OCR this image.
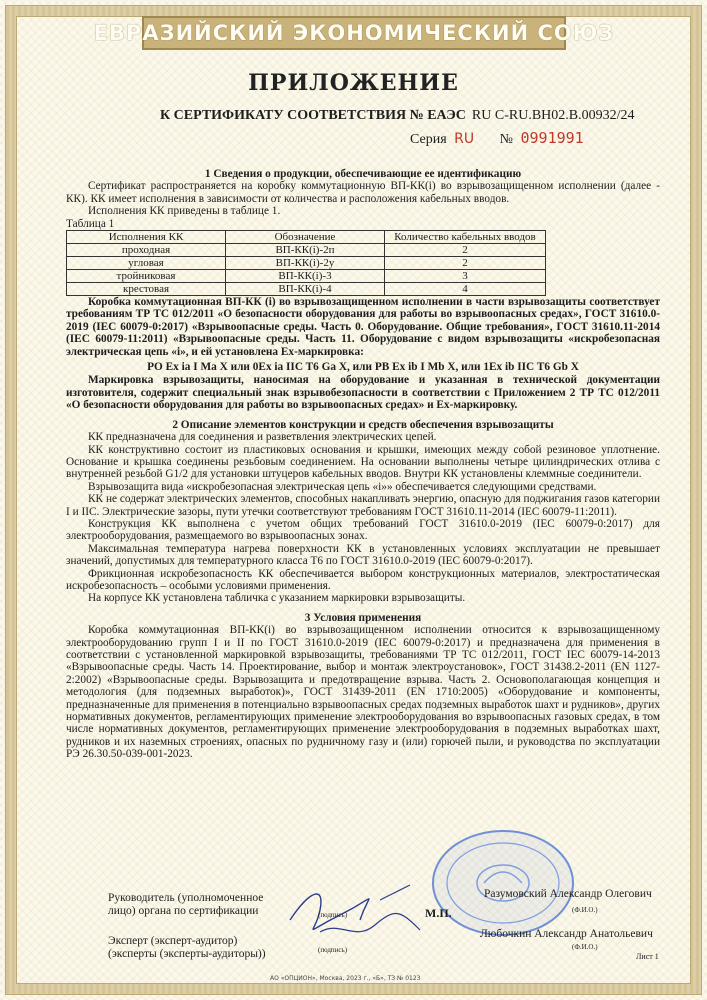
ЕВРАЗИЙСКИЙ ЭКОНОМИЧЕСКИЙ СОЮЗ
ПРИЛОЖЕНИЕ
К СЕРТИФИКАТУ СООТВЕТСТВИЯ № ЕАЭС RU C-RU.ВН02.В.00932/24
Серия RU № 0991991

1 Сведения о продукции, обеспечивающие ее идентификацию

Сертификат распространяется на коробку коммутационную ВП-КК(i) во взрывозащищенном исполнении (далее - КК). КК имеет исполнения в зависимости от количества и расположения кабельных вводов.

Исполнения КК приведены в таблице 1.

Таблица 1

Исполнения КК	Обозначение	Количество кабельных вводов
проходная	ВП-КК(i)-2п	2
угловая	ВП-КК(i)-2у	2
тройниковая	ВП-КК(i)-3	3
крестовая	ВП-КК(i)-4	4

Коробка коммутационная ВП-КК (i) во взрывозащищенном исполнении в части взрывозащиты соответствует требованиям ТР ТС 012/2011 «О безопасности оборудования для работы во взрывоопасных средах», ГОСТ 31610.0-2019 (IEC 60079-0:2017) «Взрывоопасные среды. Часть 0. Оборудование. Общие требования», ГОСТ 31610.11-2014 (IEC 60079-11:2011) «Взрывоопасные среды. Часть 11. Оборудование с видом взрывозащиты «искробезопасная электрическая цепь «i», и ей установлена Ex-маркировка:

PO Ex ia I Ma X или 0Ex ia IIC T6 Ga X, или PB Ex ib I Mb X, или 1Ex ib IIC T6 Gb X

Маркировка взрывозащиты, наносимая на оборудование и указанная в технической документации изготовителя, содержит специальный знак взрывобезопасности в соответствии с Приложением 2 ТР ТС 012/2011 «О безопасности оборудования для работы во взрывоопасных средах» и Ex-маркировку.

2 Описание элементов конструкции и средств обеспечения взрывозащиты

КК предназначена для соединения и разветвления электрических цепей.

КК конструктивно состоит из пластиковых основания и крышки, имеющих между собой резиновое уплотнение. Основание и крышка соединены резьбовым соединением. На основании выполнены четыре цилиндрических отлива с внутренней резьбой G1/2 для установки штуцеров кабельных вводов. Внутри КК установлены клеммные соединители.

Взрывозащита вида «искробезопасная электрическая цепь «i»» обеспечивается следующими средствами.

КК не содержат электрических элементов, способных накапливать энергию, опасную для поджигания газов категории I и IIC. Электрические зазоры, пути утечки соответствуют требованиям ГОСТ 31610.11-2014 (IEC 60079-11:2011).

Конструкция КК выполнена с учетом общих требований ГОСТ 31610.0-2019 (IEC 60079-0:2017) для электрооборудования, размещаемого во взрывоопасных зонах.

Максимальная температура нагрева поверхности КК в установленных условиях эксплуатации не превышает значений, допустимых для температурного класса Т6 по ГОСТ 31610.0-2019 (IEC 60079-0:2017).

Фрикционная искробезопасность КК обеспечивается выбором конструкционных материалов, электростатическая искробезопасность – особыми условиями применения.

На корпусе КК установлена табличка с указанием маркировки взрывозащиты.

3 Условия применения

Коробка коммутационная ВП-КК(i) во взрывозащищенном исполнении относится к взрывозащищенному электрооборудованию групп I и II по ГОСТ 31610.0-2019 (IEC 60079-0:2017) и предназначена для применения в соответствии с установленной маркировкой взрывозащиты, требованиями ТР ТС 012/2011, ГОСТ IEC 60079-14-2013 «Взрывоопасные среды. Часть 14. Проектирование, выбор и монтаж электроустановок», ГОСТ 31438.2-2011 (EN 1127-2:2002) «Взрывоопасные среды. Взрывозащита и предотвращение взрыва. Часть 2. Основополагающая концепция и методология (для подземных выработок)», ГОСТ 31439-2011 (EN 1710:2005) «Оборудование и компоненты, предназначенные для применения в потенциально взрывоопасных средах подземных выработок шахт и рудников», других нормативных документов, регламентирующих применение электрооборудования во взрывоопасных газовых средах, в том числе нормативных документов, регламентирующих применение электрооборудования в подземных выработках шахт, рудников и их наземных строениях, опасных по рудничному газу и (или) горючей пыли, и руководства по эксплуатации РЭ 26.30.50-039-001-2023.

Руководитель (уполномоченное
лицо) органа по сертификации	(подпись)	М.П.
Разумовский Александр Олегович
(Ф.И.О.)
Эксперт (эксперт-аудитор)
(эксперты (эксперты-аудиторы))	(подпись)
Любочкин Александр Анатольевич
(Ф.И.О.)
Лист 1
АО «ОПЦИОН», Москва, 2023 г., «Б», ТЗ № 0123
